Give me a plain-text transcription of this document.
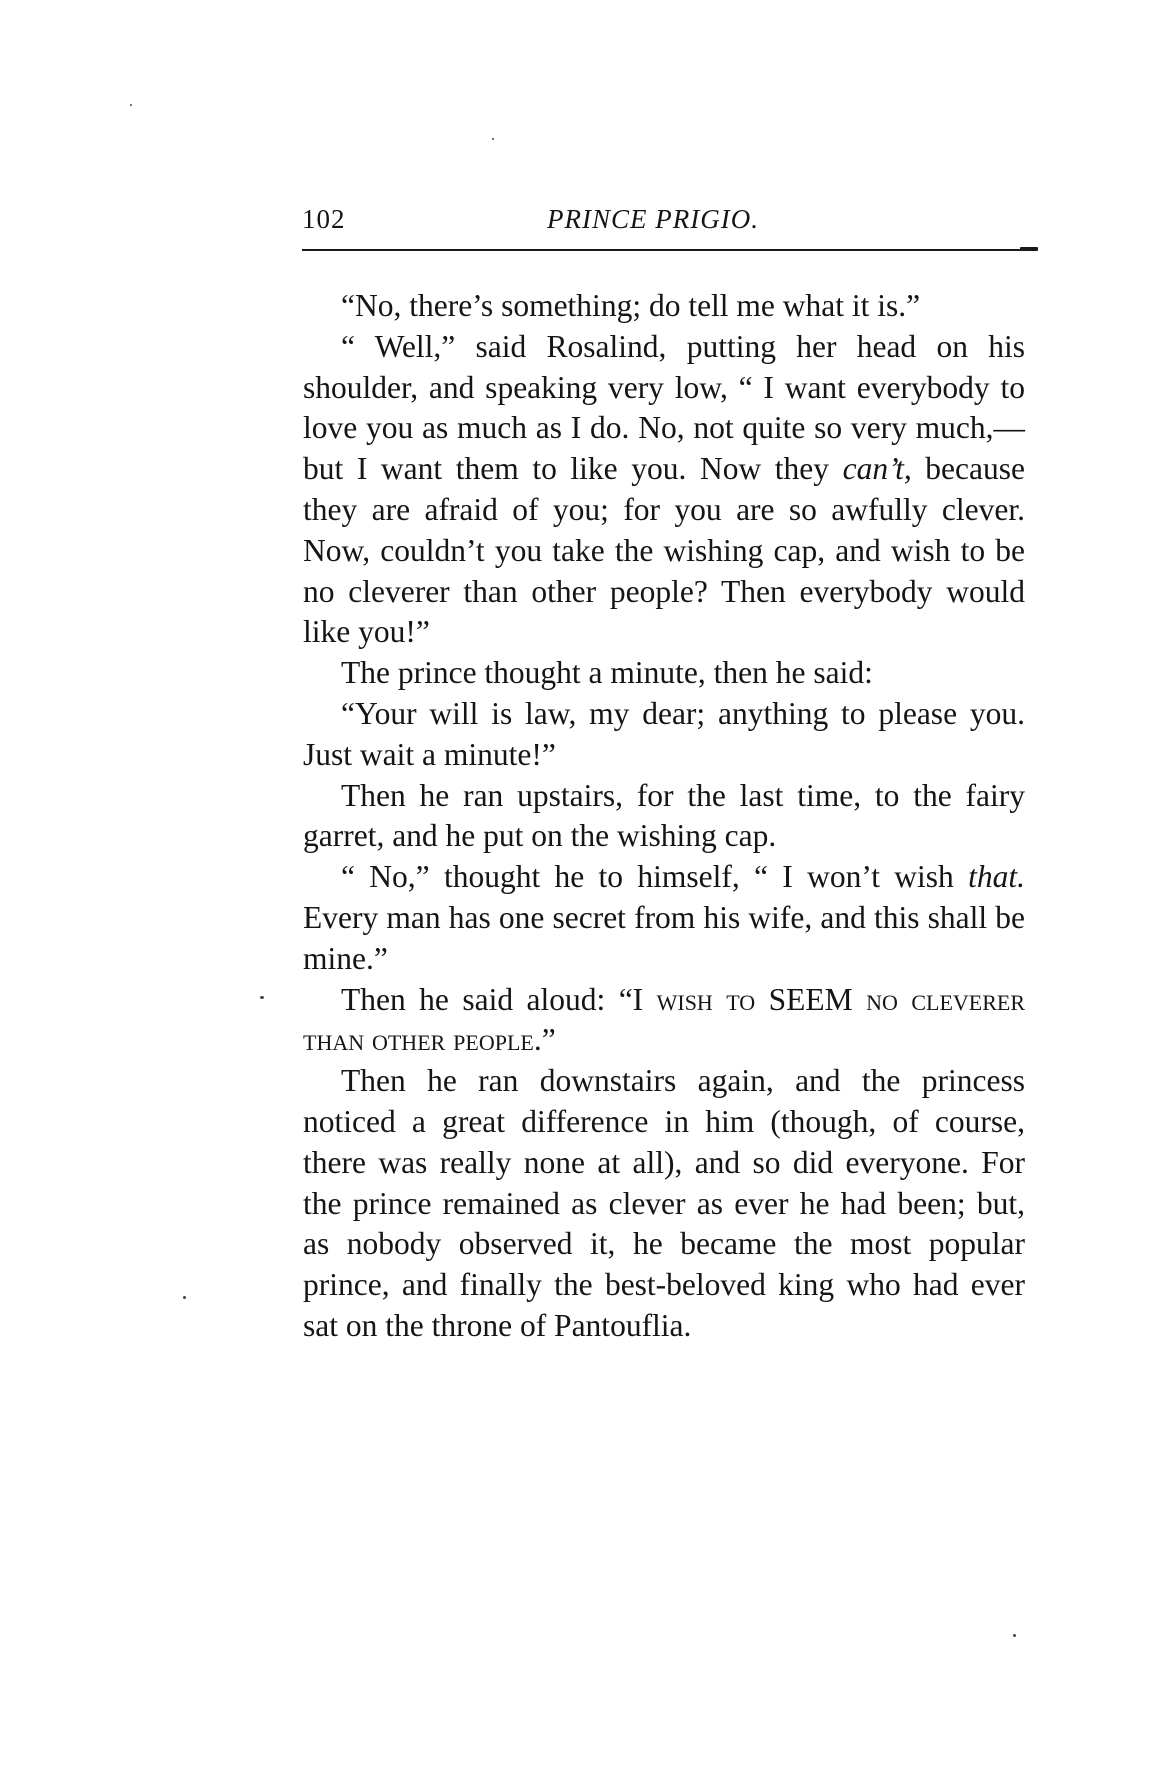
102	PRINCE PRIGIO.

“No, there’s something; do tell me what it is.”

“ Well,” said Rosalind, putting her head on his shoulder, and speaking very low, “ I want everybody to love you as much as I do. No, not quite so very much,—but I want them to like you. Now they can’t, because they are afraid of you; for you are so awfully clever. Now, couldn’t you take the wishing cap, and wish to be no cleverer than other people? Then everybody would like you!”

The prince thought a minute, then he said:

“Your will is law, my dear; anything to please you. Just wait a minute!”

Then he ran upstairs, for the last time, to the fairy garret, and he put on the wishing cap.

“ No,” thought he to himself, “ I won’t wish that. Every man has one secret from his wife, and this shall be mine.”

Then he said aloud: “I wish to SEEM no cleverer than other people.”

Then he ran downstairs again, and the princess noticed a great difference in him (though, of course, there was really none at all), and so did everyone. For the prince remained as clever as ever he had been; but, as nobody observed it, he became the most popular prince, and finally the best-beloved king who had ever sat on the throne of Pantouflia.
